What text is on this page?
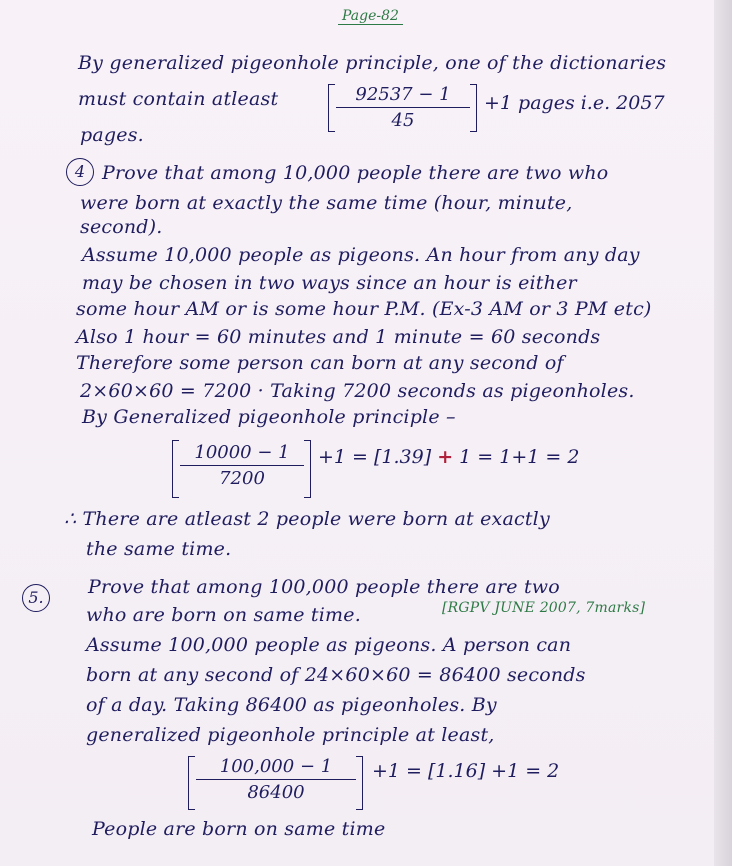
Page-82
By generalized pigeonhole principle, one of the dictionaries
must contain atleast	92537 − 1
45
+1 pages i.e. 2057
pages.
4 Prove that among 10,000 people there are two who
were born at exactly the same time (hour, minute,
second).
Assume 10,000 people as pigeons. An hour from any day
may be chosen in two ways since an hour is either
some hour AM or is some hour P.M. (Ex-3 AM or 3 PM etc)
Also 1 hour = 60 minutes and 1 minute = 60 seconds
Therefore some person can born at any second of
2×60×60 = 7200 · Taking 7200 seconds as pigeonholes.
By Generalized pigeonhole principle –
10000 − 1
7200
+1 = [1.39] + 1 = 1+1 = 2
∴ There are atleast 2 people were born at exactly
the same time.
5.	Prove that among 100,000 people there are two
who are born on same time.	[RGPV JUNE 2007, 7marks]
Assume 100,000 people as pigeons. A person can
born at any second of 24×60×60 = 86400 seconds
of a day. Taking 86400 as pigeonholes. By
generalized pigeonhole principle at least,
100,000 − 1
86400
+1 = [1.16] +1 = 2
People are born on same time
